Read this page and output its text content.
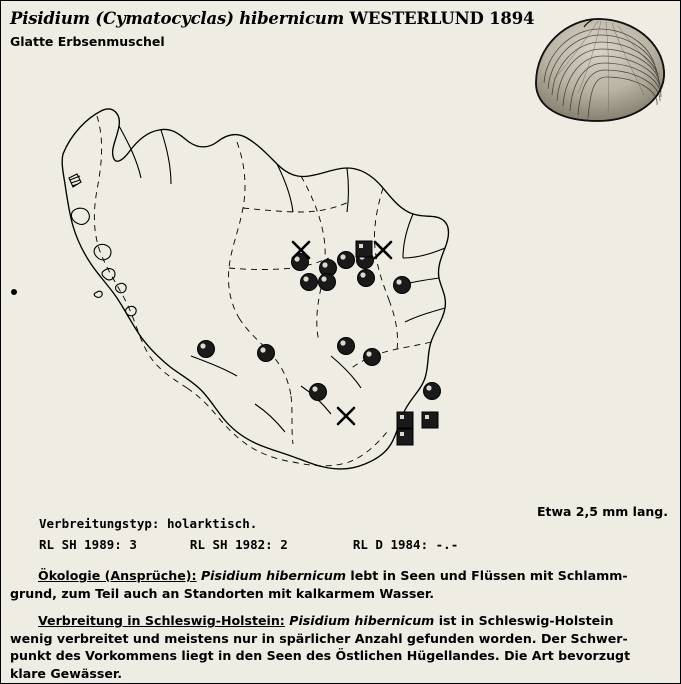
Pisidium (Cymatocyclas) hibernicum WESTERLUND 1894
Glatte Erbsenmuschel
Etwa 2,5 mm lang.
Verbreitungstyp: holarktisch.
RL SH 1989: 3	RL SH 1982: 2	RL D 1984: -.-
Ökologie (Ansprüche): Pisidium hibernicum lebt in Seen und Flüssen mit Schlamm-
grund, zum Teil auch an Standorten mit kalkarmem Wasser.
Verbreitung in Schleswig-Holstein: Pisidium hibernicum ist in Schleswig-Holstein
wenig verbreitet und meistens nur in spärlicher Anzahl gefunden worden. Der Schwer-
punkt des Vorkommens liegt in den Seen des Östlichen Hügellandes. Die Art bevorzugt
klare Gewässer.
